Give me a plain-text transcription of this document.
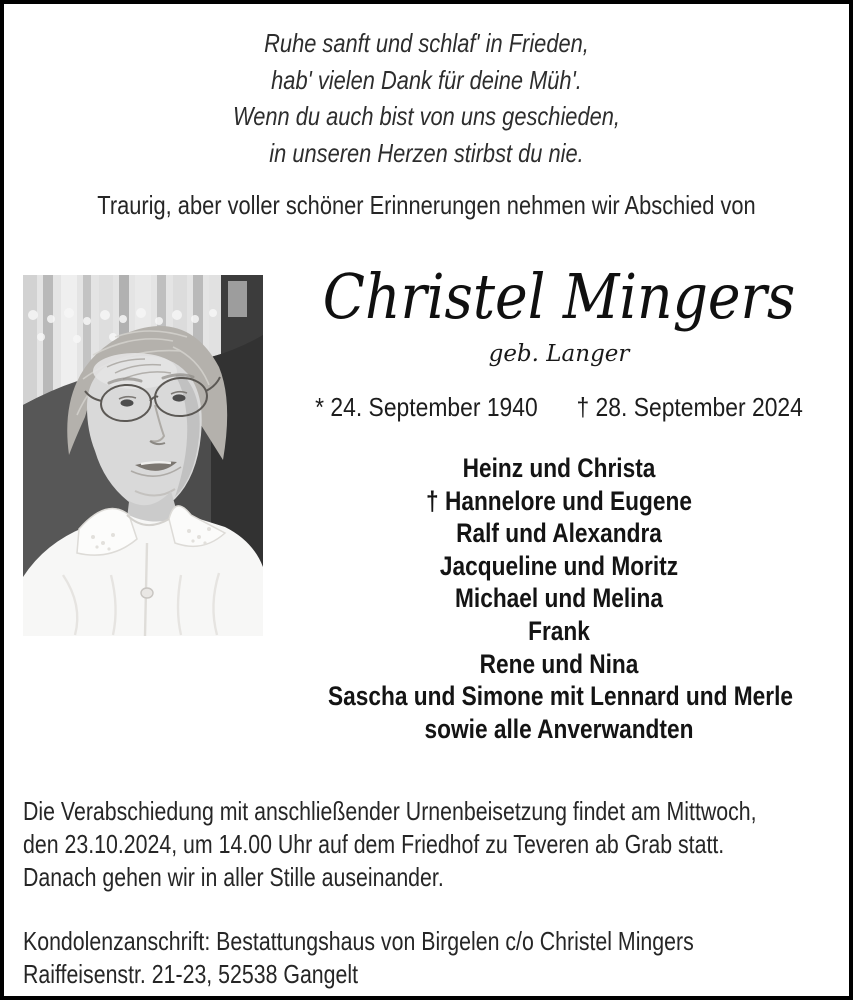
Ruhe sanft und schlaf' in Frieden,
hab' vielen Dank für deine Müh'.
Wenn du auch bist von uns geschieden,
in unseren Herzen stirbst du nie.
Traurig, aber voller schöner Erinnerungen nehmen wir Abschied von
Christel Mingers
geb. Langer
* 24. September 1940 † 28. September 2024
Heinz und Christa
† Hannelore und Eugene
Ralf und Alexandra
Jacqueline und Moritz
Michael und Melina
Frank
Rene und Nina
Sascha und Simone mit Lennard und Merle
sowie alle Anverwandten
Die Verabschiedung mit anschließender Urnenbeisetzung findet am Mittwoch,
den 23.10.2024, um 14.00 Uhr auf dem Friedhof zu Teveren ab Grab statt.
Danach gehen wir in aller Stille auseinander.
Kondolenzanschrift: Bestattungshaus von Birgelen c/o Christel Mingers
Raiffeisenstr. 21-23, 52538 Gangelt
